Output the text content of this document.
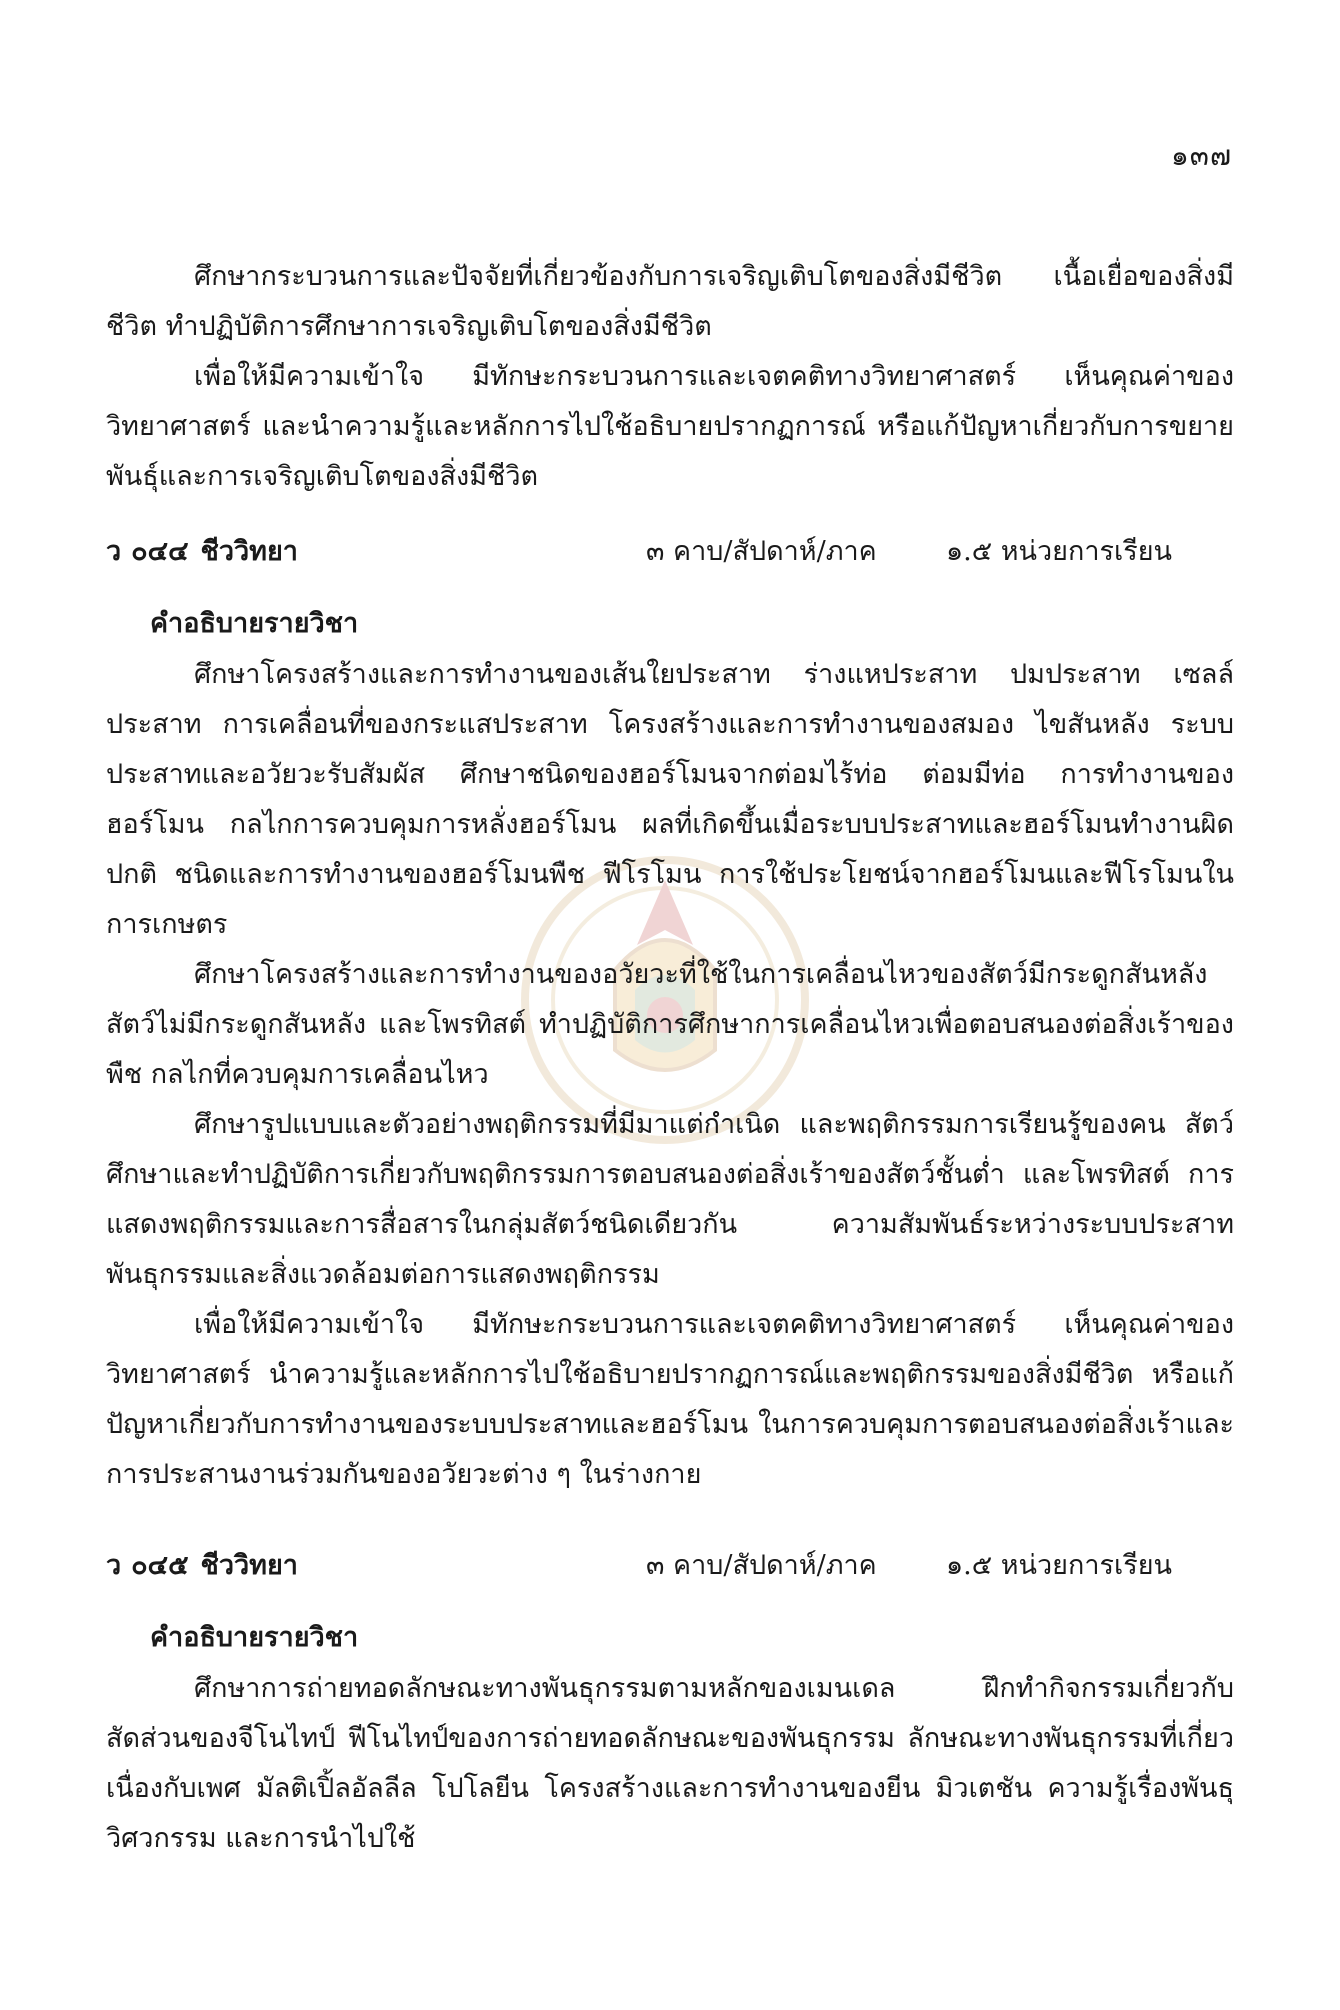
๑๓๗

ศึกษากระบวนการและปัจจัยที่เกี่ยวข้องกับการเจริญเติบโตของสิ่งมีชีวิต เนื้อเยื่อของสิ่งมีชีวิต ทำปฏิบัติการศึกษาการเจริญเติบโตของสิ่งมีชีวิต

เพื่อให้มีความเข้าใจ มีทักษะกระบวนการและเจตคติทางวิทยาศาสตร์ เห็นคุณค่าของวิทยาศาสตร์ และนำความรู้และหลักการไปใช้อธิบายปรากฏการณ์ หรือแก้ปัญหาเกี่ยวกับการขยายพันธุ์และการเจริญเติบโตของสิ่งมีชีวิต

ว ๐๔๔ ชีววิทยา	๓ คาบ/สัปดาห์/ภาค	๑.๕ หน่วยการเรียน
คำอธิบายรายวิชา

ศึกษาโครงสร้างและการทำงานของเส้นใยประสาท ร่างแหประสาท ปมประสาท เซลล์ประสาท การเคลื่อนที่ของกระแสประสาท โครงสร้างและการทำงานของสมอง ไขสันหลัง ระบบประสาทและอวัยวะรับสัมผัส ศึกษาชนิดของฮอร์โมนจากต่อมไร้ท่อ ต่อมมีท่อ การทำงานของฮอร์โมน กลไกการควบคุมการหลั่งฮอร์โมน ผลที่เกิดขึ้นเมื่อระบบประสาทและฮอร์โมนทำงานผิดปกติ ชนิดและการทำงานของฮอร์โมนพืช ฟีโรโมน การใช้ประโยชน์จากฮอร์โมนและฟีโรโมนในการเกษตร

ศึกษาโครงสร้างและการทำงานของอวัยวะที่ใช้ในการเคลื่อนไหวของสัตว์มีกระดูกสันหลัง สัตว์ไม่มีกระดูกสันหลัง และโพรทิสต์ ทำปฏิบัติการศึกษาการเคลื่อนไหวเพื่อตอบสนองต่อสิ่งเร้าของพืช กลไกที่ควบคุมการเคลื่อนไหว

ศึกษารูปแบบและตัวอย่างพฤติกรรมที่มีมาแต่กำเนิด และพฤติกรรมการเรียนรู้ของคน สัตว์ ศึกษาและทำปฏิบัติการเกี่ยวกับพฤติกรรมการตอบสนองต่อสิ่งเร้าของสัตว์ชั้นต่ำ และโพรทิสต์ การแสดงพฤติกรรมและการสื่อสารในกลุ่มสัตว์ชนิดเดียวกัน ความสัมพันธ์ระหว่างระบบประสาทพันธุกรรมและสิ่งแวดล้อมต่อการแสดงพฤติกรรม

เพื่อให้มีความเข้าใจ มีทักษะกระบวนการและเจตคติทางวิทยาศาสตร์ เห็นคุณค่าของวิทยาศาสตร์ นำความรู้และหลักการไปใช้อธิบายปรากฏการณ์และพฤติกรรมของสิ่งมีชีวิต หรือแก้ปัญหาเกี่ยวกับการทำงานของระบบประสาทและฮอร์โมน ในการควบคุมการตอบสนองต่อสิ่งเร้าและการประสานงานร่วมกันของอวัยวะต่าง ๆ ในร่างกาย

ว ๐๔๕ ชีววิทยา	๓ คาบ/สัปดาห์/ภาค	๑.๕ หน่วยการเรียน
คำอธิบายรายวิชา

ศึกษาการถ่ายทอดลักษณะทางพันธุกรรมตามหลักของเมนเดล ฝึกทำกิจกรรมเกี่ยวกับสัดส่วนของจีโนไทป์ ฟีโนไทป์ของการถ่ายทอดลักษณะของพันธุกรรม ลักษณะทางพันธุกรรมที่เกี่ยวเนื่องกับเพศ มัลติเปิ้ลอัลลีล โปโลยีน โครงสร้างและการทำงานของยีน มิวเตชัน ความรู้เรื่องพันธุวิศวกรรม และการนำไปใช้
